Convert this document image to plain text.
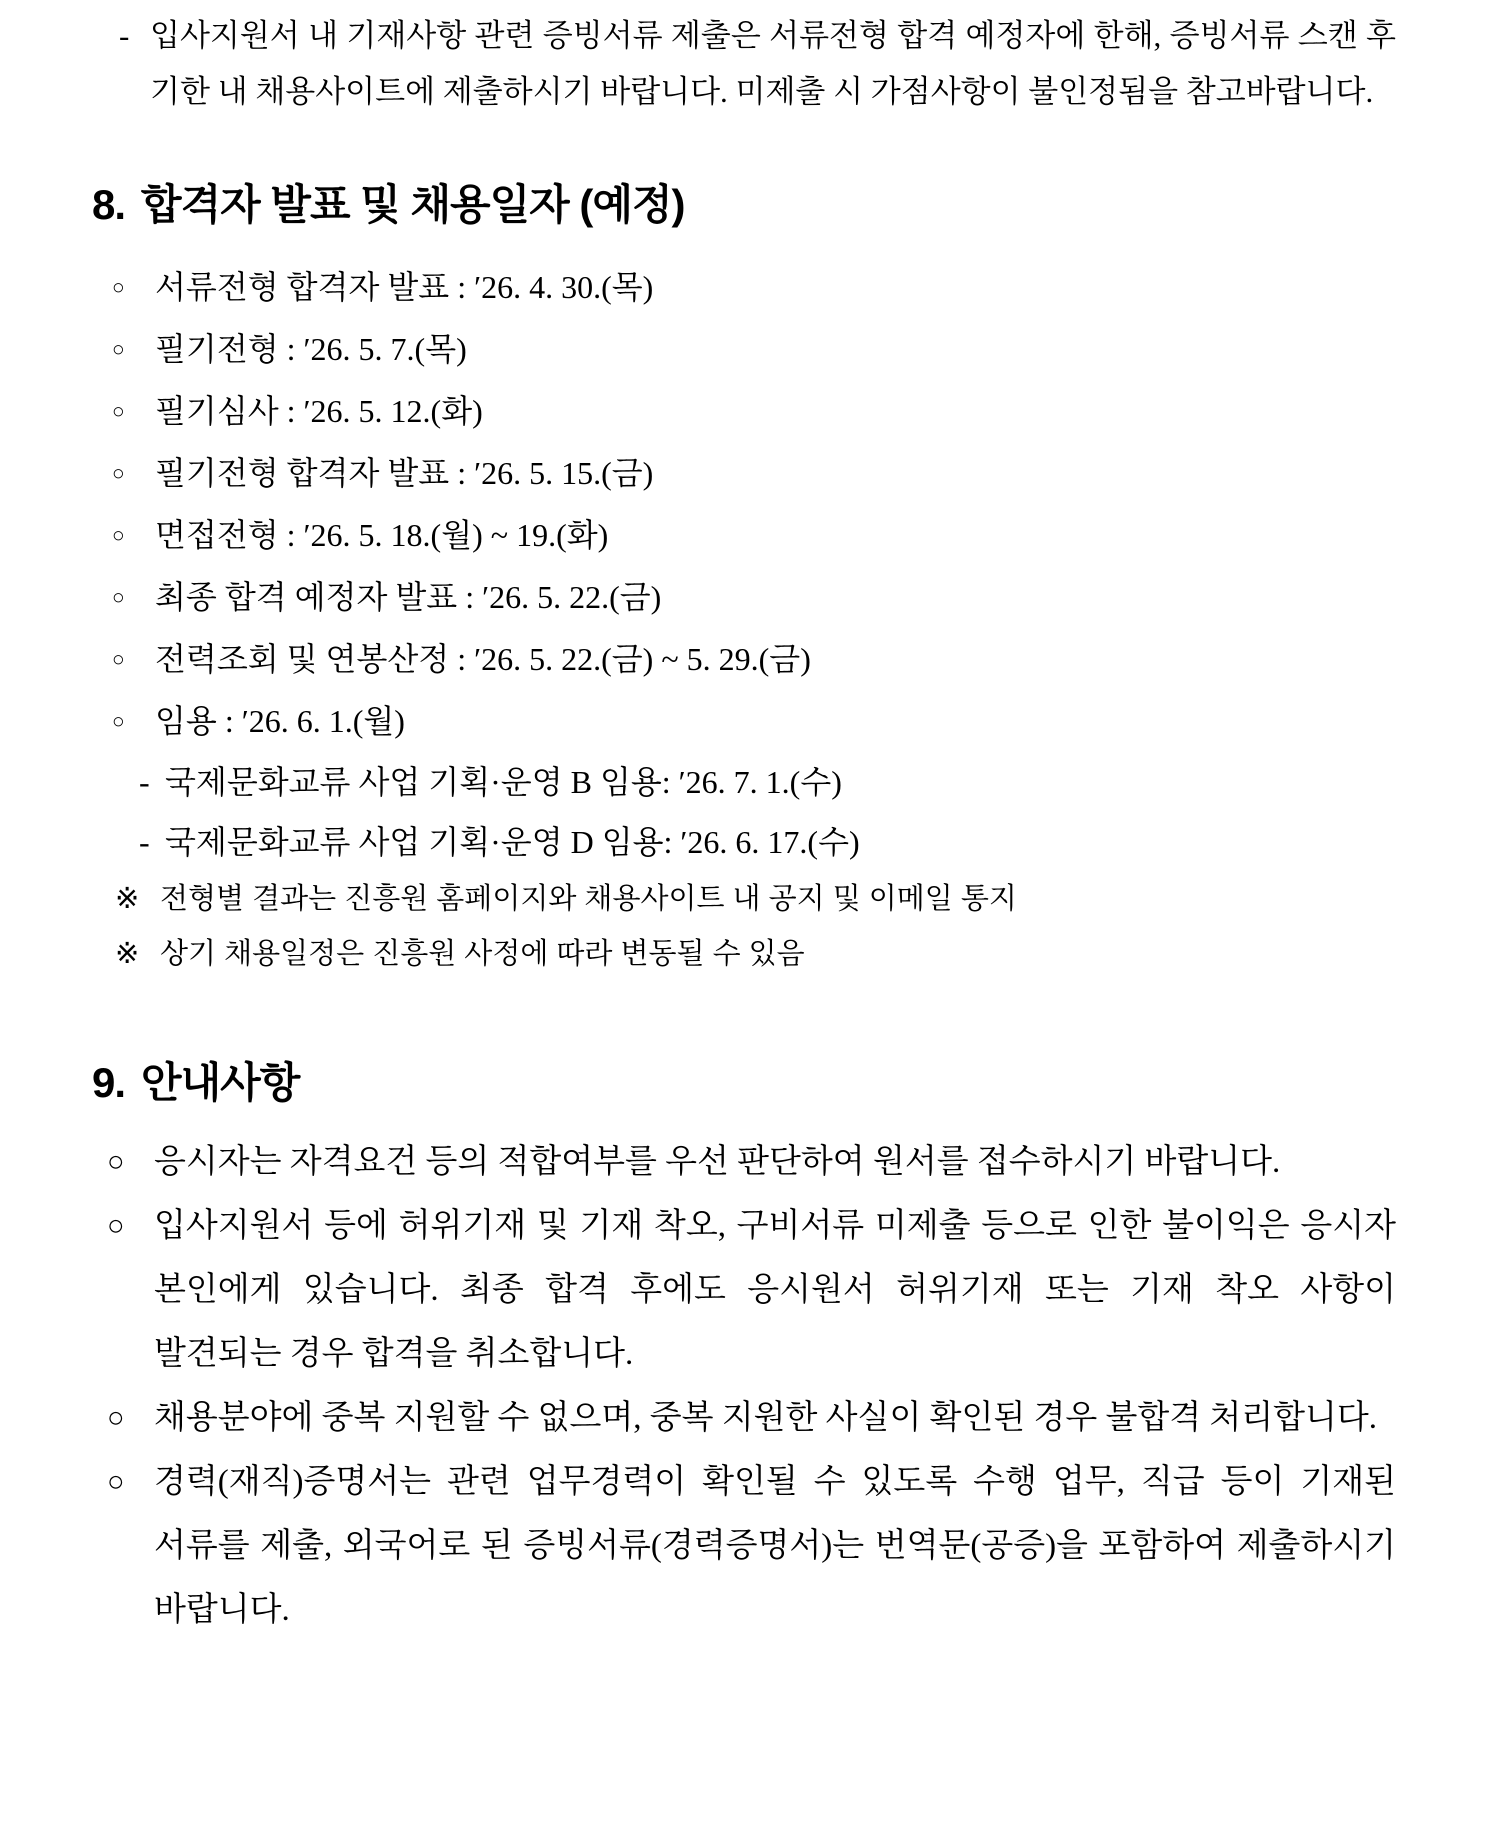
- 입사지원서 내 기재사항 관련 증빙서류 제출은 서류전형 합격 예정자에 한해, 증빙서류 스캔 후 기한 내 채용사이트에 제출하시기 바랍니다. 미제출 시 가점사항이 불인정됨을 참고바랍니다.
8. 합격자 발표 및 채용일자 (예정)
○ 서류전형 합격자 발표 : ′26. 4. 30.(목)
○ 필기전형 : ′26. 5. 7.(목)
○ 필기심사 : ′26. 5. 12.(화)
○ 필기전형 합격자 발표 : ′26. 5. 15.(금)
○ 면접전형 : ′26. 5. 18.(월) ~ 19.(화)
○ 최종 합격 예정자 발표 : ′26. 5. 22.(금)
○ 전력조회 및 연봉산정 : ′26. 5. 22.(금) ~ 5. 29.(금)
○ 임용 : ′26. 6. 1.(월)
- 국제문화교류 사업 기획·운영 B 임용: ′26. 7. 1.(수)
- 국제문화교류 사업 기획·운영 D 임용: ′26. 6. 17.(수)
※ 전형별 결과는 진흥원 홈페이지와 채용사이트 내 공지 및 이메일 통지
※ 상기 채용일정은 진흥원 사정에 따라 변동될 수 있음
9. 안내사항
○ 응시자는 자격요건 등의 적합여부를 우선 판단하여 원서를 접수하시기 바랍니다.
○ 입사지원서 등에 허위기재 및 기재 착오, 구비서류 미제출 등으로 인한 불이익은 응시자 본인에게 있습니다. 최종 합격 후에도 응시원서 허위기재 또는 기재 착오 사항이 발견되는 경우 합격을 취소합니다.
○ 채용분야에 중복 지원할 수 없으며, 중복 지원한 사실이 확인된 경우 불합격 처리합니다.
○ 경력(재직)증명서는 관련 업무경력이 확인될 수 있도록 수행 업무, 직급 등이 기재된 서류를 제출, 외국어로 된 증빙서류(경력증명서)는 번역문(공증)을 포함하여 제출하시기 바랍니다.
